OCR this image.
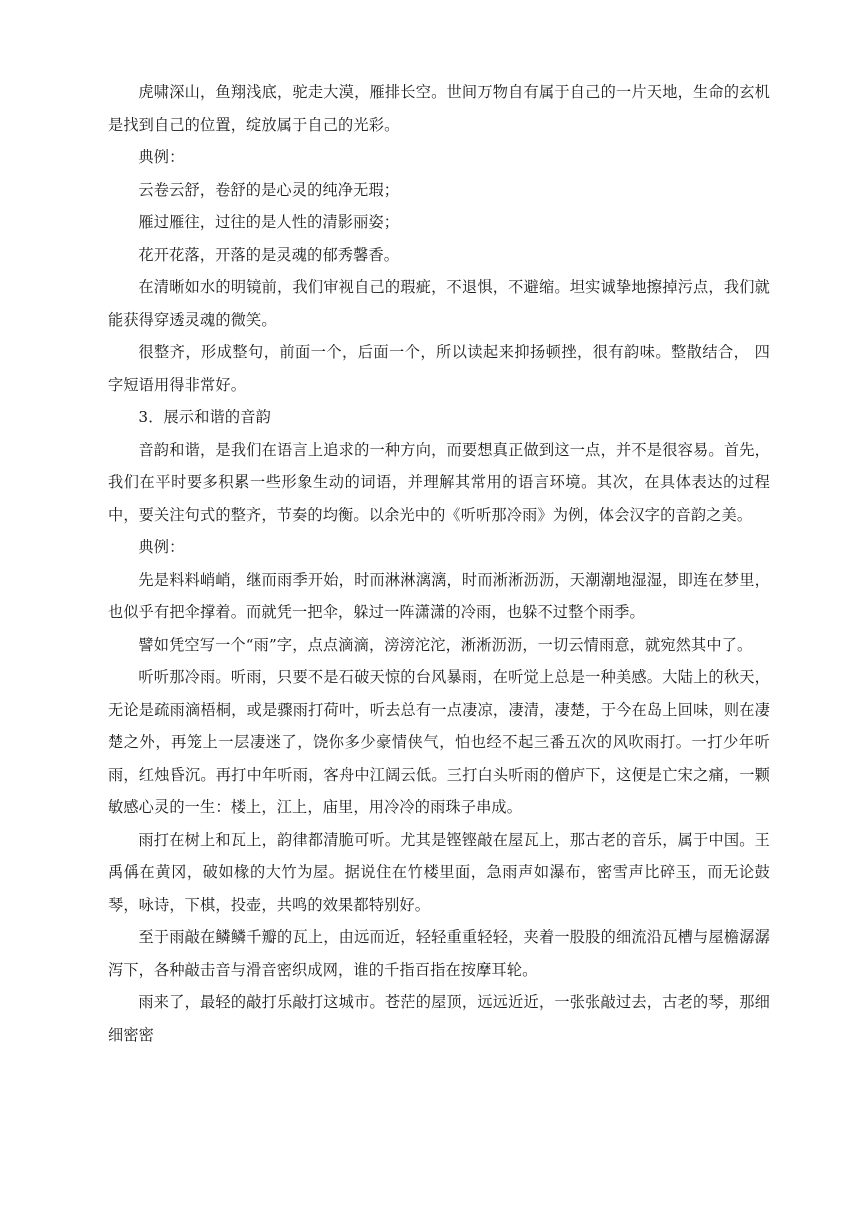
虎啸深山，鱼翔浅底，驼走大漠，雁排长空。世间万物自有属于自己的一片天地，生命的玄机是找到自己的位置，绽放属于自己的光彩。

典例：

云卷云舒，卷舒的是心灵的纯净无瑕；

雁过雁往，过往的是人性的清影丽姿；

花开花落，开落的是灵魂的郁秀馨香。

在清晰如水的明镜前，我们审视自己的瑕疵，不退惧，不避缩。坦实诚挚地擦掉污点，我们就能获得穿透灵魂的微笑。

很整齐，形成整句，前面一个，后面一个，所以读起来抑扬顿挫，很有韵味。整散结合， 四字短语用得非常好。

3．展示和谐的音韵

音韵和谐，是我们在语言上追求的一种方向，而要想真正做到这一点，并不是很容易。首先，我们在平时要多积累一些形象生动的词语，并理解其常用的语言环境。其次，在具体表达的过程中，要关注句式的整齐，节奏的均衡。以余光中的《听听那冷雨》为例，体会汉字的音韵之美。

典例：

先是料料峭峭，继而雨季开始，时而淋淋漓漓，时而淅淅沥沥，天潮潮地湿湿，即连在梦里，也似乎有把伞撑着。而就凭一把伞，躲过一阵潇潇的冷雨，也躲不过整个雨季。

譬如凭空写一个“雨”字，点点滴滴，滂滂沱沱，淅淅沥沥，一切云情雨意，就宛然其中了。

听听那冷雨。听雨，只要不是石破天惊的台风暴雨，在听觉上总是一种美感。大陆上的秋天，无论是疏雨滴梧桐，或是骤雨打荷叶，听去总有一点凄凉，凄清，凄楚，于今在岛上回味，则在凄楚之外，再笼上一层凄迷了，饶你多少豪情侠气，怕也经不起三番五次的风吹雨打。一打少年听雨，红烛昏沉。再打中年听雨，客舟中江阔云低。三打白头听雨的僧庐下，这便是亡宋之痛，一颗敏感心灵的一生：楼上，江上，庙里，用冷冷的雨珠子串成。

雨打在树上和瓦上，韵律都清脆可听。尤其是铿铿敲在屋瓦上，那古老的音乐，属于中国。王禹偁在黄冈，破如椽的大竹为屋。据说住在竹楼里面，急雨声如瀑布，密雪声比碎玉，而无论鼓琴，咏诗，下棋，投壶，共鸣的效果都特别好。

至于雨敲在鳞鳞千瓣的瓦上，由远而近，轻轻重重轻轻，夹着一股股的细流沿瓦槽与屋檐潺潺泻下，各种敲击音与滑音密织成网，谁的千指百指在按摩耳轮。

雨来了，最轻的敲打乐敲打这城市。苍茫的屋顶，远远近近，一张张敲过去，古老的琴，那细细密密
